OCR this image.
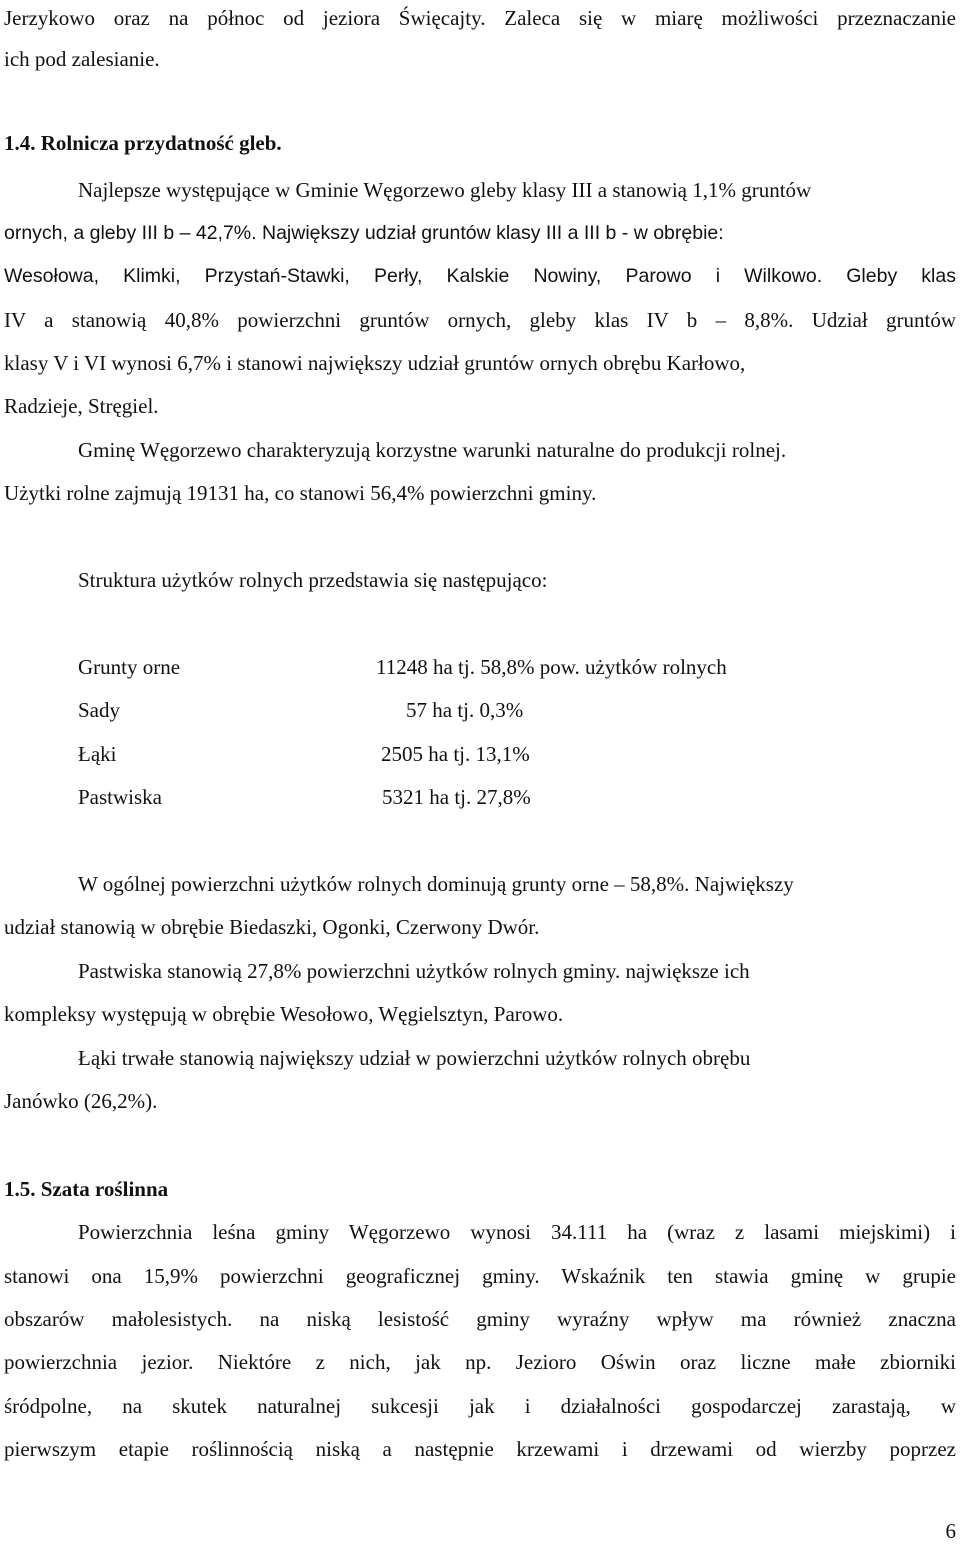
Jerzykowo oraz na północ od jeziora Święcajty. Zaleca się w miarę możliwości przeznaczanie
ich pod zalesianie.
1.4. Rolnicza przydatność gleb.
Najlepsze występujące w Gminie Węgorzewo gleby klasy III a stanowią 1,1% gruntów
ornych, a gleby III b – 42,7%. Największy udział gruntów klasy III a III b - w obrębie:
Wesołowa, Klimki, Przystań-Stawki, Perły, Kalskie Nowiny, Parowo i Wilkowo. Gleby klas
IV a stanowią 40,8% powierzchni gruntów ornych, gleby klas IV b – 8,8%. Udział gruntów
klasy V i VI wynosi 6,7% i stanowi największy udział gruntów ornych obrębu Karłowo,
Radzieje, Stręgiel.
Gminę Węgorzewo charakteryzują korzystne warunki naturalne do produkcji rolnej.
Użytki rolne zajmują 19131 ha, co stanowi 56,4% powierzchni gminy.
Struktura użytków rolnych przedstawia się następująco:
Grunty orne	11248 ha tj. 58,8% pow. użytków rolnych
Sady	57 ha tj. 0,3%
Łąki	2505 ha tj. 13,1%
Pastwiska	5321 ha tj. 27,8%
W ogólnej powierzchni użytków rolnych dominują grunty orne – 58,8%. Największy
udział stanowią w obrębie Biedaszki, Ogonki, Czerwony Dwór.
Pastwiska stanowią 27,8% powierzchni użytków rolnych gminy. największe ich
kompleksy występują w obrębie Wesołowo, Węgielsztyn, Parowo.
Łąki trwałe stanowią największy udział w powierzchni użytków rolnych obrębu
Janówko (26,2%).
1.5. Szata roślinna
Powierzchnia leśna gminy Węgorzewo wynosi 34.111 ha (wraz z lasami miejskimi) i
stanowi ona 15,9% powierzchni geograficznej gminy. Wskaźnik ten stawia gminę w grupie
obszarów małolesistych. na niską lesistość gminy wyraźny wpływ ma również znaczna
powierzchnia jezior. Niektóre z nich, jak np. Jezioro Oświn oraz liczne małe zbiorniki
śródpolne, na skutek naturalnej sukcesji jak i działalności gospodarczej zarastają, w
pierwszym etapie roślinnością niską a następnie krzewami i drzewami od wierzby poprzez
6
